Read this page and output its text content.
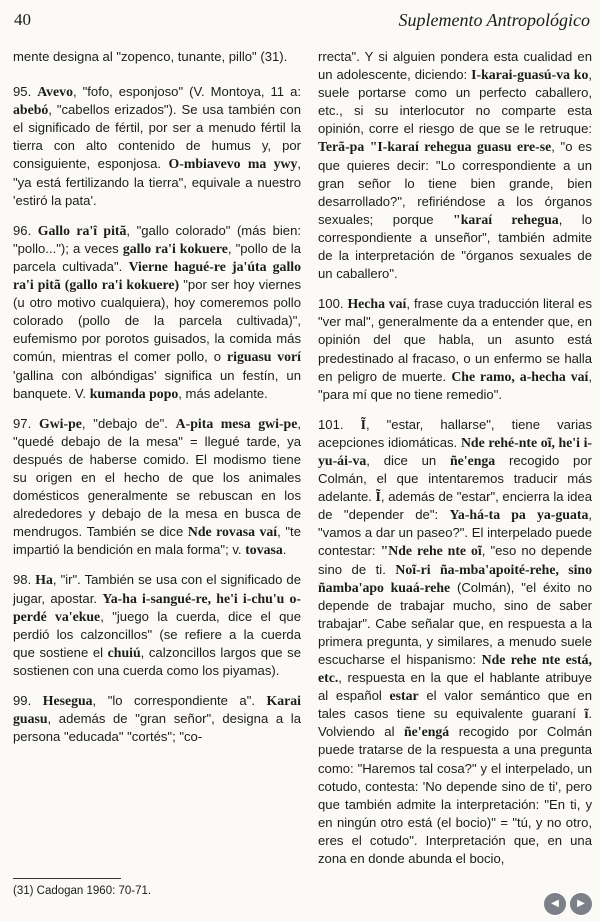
40	Suplemento Antropológico

mente designa al "zopenco, tunante, pillo" (31).

95. Avevo, "fofo, esponjoso" (V. Montoya, 11 a: abebó, "cabellos erizados"). Se usa también con el significado de fértil, por ser a menudo fértil la tierra con alto contenido de humus y, por consiguiente, esponjosa. O-mbiavevo ma ywy, "ya está fertilizando la tierra", equivale a nuestro 'estiró la pata'.

96. Gallo ra'î pitã, "gallo colorado" (más bien: "pollo..."); a veces gallo ra'i kokuere, "pollo de la parcela cultivada". Vierne hagué-re ja'úta gallo ra'i pitã (gallo ra'i kokuere) "por ser hoy viernes (u otro motivo cualquiera), hoy comeremos pollo colorado (pollo de la parcela cultivada)", eufemismo por porotos guisados, la comida más común, mientras el comer pollo, o riguasu vorí 'gallina con albóndigas' significa un festín, un banquete. V. kumanda popo, más adelante.

97. Gwi-pe, "debajo de". A-pita mesa gwi-pe, "quedé debajo de la mesa" = llegué tarde, ya después de haberse comido. El modismo tiene su origen en el hecho de que los animales domésticos generalmente se rebuscan en los alrededores y debajo de la mesa en busca de mendrugos. También se dice Nde rovasa vaí, "te impartió la bendición en mala forma"; v. tovasa.

98. Ha, "ir". También se usa con el significado de jugar, apostar. Ya-ha i-sangué-re, he'i i-chu'u o-perdé va'ekue, "juego la cuerda, dice el que perdió los calzoncillos" (se refiere a la cuerda que sostiene el chuiú, calzoncillos largos que se sostienen con una cuerda como los piyamas).

99. Hesegua, "lo correspondiente a". Karai guasu, además de "gran señor", designa a la persona "educada" "cortés"; "co-

rrecta". Y si alguien pondera esta cualidad en un adolescente, diciendo: I-karai-guasú-va ko, suele portarse como un perfecto caballero, etc., si su interlocutor no comparte esta opinión, corre el riesgo de que se le retruque: Terã-pa "I-karaí rehegua guasu ere-se, "o es que quieres decir: "Lo correspondiente a un gran señor lo tiene bien grande, bien desarrollado?", refiriéndose a los órganos sexuales; porque "karaí rehegua, lo correspondiente a unseñor", también admite de la interpretación de "órganos sexuales de un caballero".

100. Hecha vaí, frase cuya traducción literal es "ver mal", generalmente da a entender que, en opinión del que habla, un asunto está predestinado al fracaso, o un enfermo se halla en peligro de muerte. Che ramo, a-hecha vaí, "para mí que no tiene remedio".

101. Ĩ, "estar, hallarse", tiene varias acepciones idiomáticas. Nde rehé-nte oĩ, he'i i-yu-ái-va, dice un ñe'enga recogido por Colmán, el que intentaremos traducir más adelante. Ĩ, además de "estar", encierra la idea de "depender de": Ya-há-ta pa ya-guata, "vamos a dar un paseo?". El interpelado puede contestar: "Nde rehe nte oĩ, "eso no depende sino de ti. Noĩ-ri ña-mba'apoité-rehe, sino ñamba'apo kuaá-rehe (Colmán), "el éxito no depende de trabajar mucho, sino de saber trabajar". Cabe señalar que, en respuesta a la primera pregunta, y similares, a menudo suele escucharse el hispanismo: Nde rehe nte está, etc., respuesta en la que el hablante atribuye al español estar el valor semántico que en tales casos tiene su equivalente guaraní ĩ. Volviendo al ñe'engá recogido por Colmán puede tratarse de la respuesta a una pregunta como: "Haremos tal cosa?" y el interpelado, un cotudo, contesta: 'No depende sino de ti', pero que también admite la interpretación: "En ti, y en ningún otro está (el bocio)" = "tú, y no otro, eres el cotudo". Interpretación que, en una zona en donde abunda el bocio,

(31) Cadogan 1960: 70-71.
◀	▶
